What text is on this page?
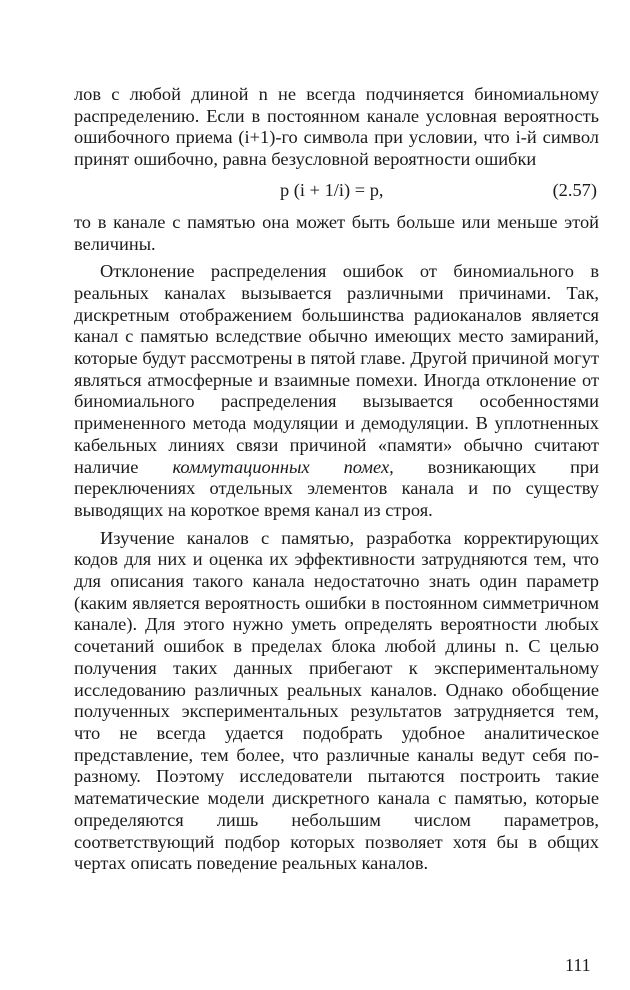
лов с любой длиной n не всегда подчиняется биномиальному распределению. Если в постоянном канале условная вероятность ошибочного приема (i+1)-го символа при условии, что i-й символ принят ошибочно, равна безусловной вероятности ошибки

p (i + 1/i) = p,	(2.57)

то в канале с памятью она может быть больше или меньше этой величины.

Отклонение распределения ошибок от биномиального в реальных каналах вызывается различными причинами. Так, дискретным отображением большинства радиоканалов является канал с памятью вследствие обычно имеющих место замираний, которые будут рассмотрены в пятой главе. Другой причиной могут являться атмосферные и взаимные помехи. Иногда отклонение от биномиального распределения вызывается особенностями примененного метода модуляции и демодуляции. В уплотненных кабельных линиях связи причиной «памяти» обычно считают наличие коммутационных помех, возникающих при переключениях отдельных элементов канала и по существу выводящих на короткое время канал из строя.

Изучение каналов с памятью, разработка корректирующих кодов для них и оценка их эффективности затрудняются тем, что для описания такого канала недостаточно знать один параметр (каким является вероятность ошибки в постоянном симметричном канале). Для этого нужно уметь определять вероятности любых сочетаний ошибок в пределах блока любой длины n. С целью получения таких данных прибегают к экспериментальному исследованию различных реальных каналов. Однако обобщение полученных экспериментальных результатов затрудняется тем, что не всегда удается подобрать удобное аналитическое представление, тем более, что различные каналы ведут себя по-разному. Поэтому исследователи пытаются построить такие математические модели дискретного канала с памятью, которые определяются лишь небольшим числом параметров, соответствующий подбор которых позволяет хотя бы в общих чертах описать поведение реальных каналов.

111
